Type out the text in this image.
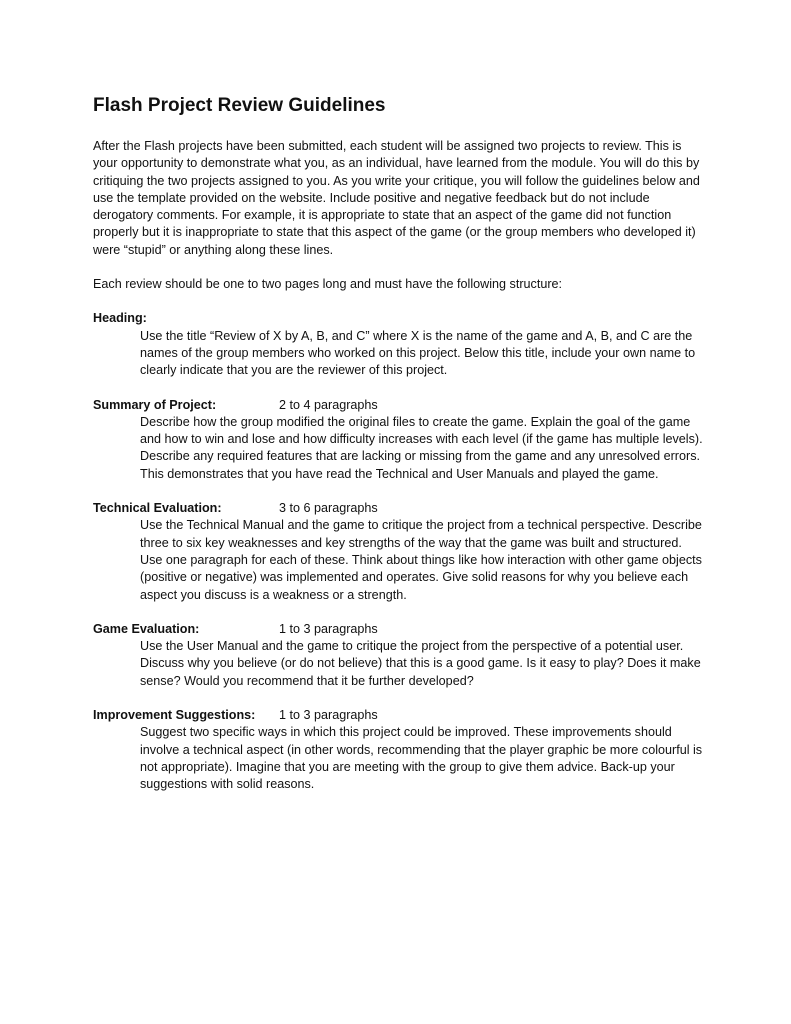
Flash Project Review Guidelines

After the Flash projects have been submitted, each student will be assigned two projects to review. This is your opportunity to demonstrate what you, as an individual, have learned from the module. You will do this by critiquing the two projects assigned to you. As you write your critique, you will follow the guidelines below and use the template provided on the website. Include positive and negative feedback but do not include derogatory comments. For example, it is appropriate to state that an aspect of the game did not function properly but it is inappropriate to state that this aspect of the game (or the group members who developed it) were “stupid” or anything along these lines.

Each review should be one to two pages long and must have the following structure:

Heading:

Use the title “Review of X by A, B, and C” where X is the name of the game and A, B, and C are the names of the group members who worked on this project. Below this title, include your own name to clearly indicate that you are the reviewer of this project.

Summary of Project:	2 to 4 paragraphs

Describe how the group modified the original files to create the game. Explain the goal of the game and how to win and lose and how difficulty increases with each level (if the game has multiple levels). Describe any required features that are lacking or missing from the game and any unresolved errors. This demonstrates that you have read the Technical and User Manuals and played the game.

Technical Evaluation:	3 to 6 paragraphs

Use the Technical Manual and the game to critique the project from a technical perspective. Describe three to six key weaknesses and key strengths of the way that the game was built and structured. Use one paragraph for each of these. Think about things like how interaction with other game objects (positive or negative) was implemented and operates. Give solid reasons for why you believe each aspect you discuss is a weakness or a strength.

Game Evaluation:	1 to 3 paragraphs

Use the User Manual and the game to critique the project from the perspective of a potential user. Discuss why you believe (or do not believe) that this is a good game. Is it easy to play? Does it make sense? Would you recommend that it be further developed?

Improvement Suggestions:	1 to 3 paragraphs

Suggest two specific ways in which this project could be improved. These improvements should involve a technical aspect (in other words, recommending that the player graphic be more colourful is not appropriate). Imagine that you are meeting with the group to give them advice. Back-up your suggestions with solid reasons.
